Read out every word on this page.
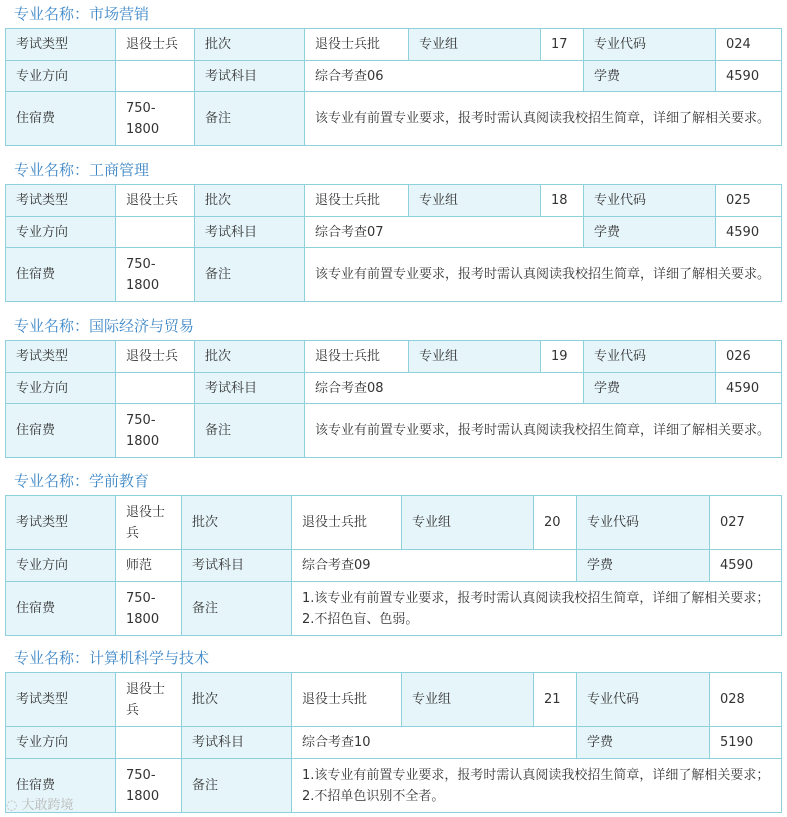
专业名称：市场营销
考试类型	退役士兵	批次	退役士兵批	专业组	17	专业代码	024
专业方向		考试科目	综合考查06			学费	4590
住宿费	750-1800	备注	该专业有前置专业要求，报考时需认真阅读我校招生简章，详细了解相关要求。				
专业名称：工商管理
考试类型	退役士兵	批次	退役士兵批	专业组	18	专业代码	025
专业方向		考试科目	综合考查07			学费	4590
住宿费	750-1800	备注	该专业有前置专业要求，报考时需认真阅读我校招生简章，详细了解相关要求。				
专业名称：国际经济与贸易
考试类型	退役士兵	批次	退役士兵批	专业组	19	专业代码	026
专业方向		考试科目	综合考查08			学费	4590
住宿费	750-1800	备注	该专业有前置专业要求，报考时需认真阅读我校招生简章，详细了解相关要求。				
专业名称：学前教育
考试类型	退役士兵	批次	退役士兵批	专业组	20	专业代码	027
专业方向	师范	考试科目	综合考查09			学费	4590
住宿费	750-1800	备注	1.该专业有前置专业要求，报考时需认真阅读我校招生简章，详细了解相关要求； 2.不招色盲、色弱。				
专业名称：计算机科学与技术
考试类型	退役士兵	批次	退役士兵批	专业组	21	专业代码	028
专业方向		考试科目	综合考查10			学费	5190
住宿费	750-1800	备注	1.该专业有前置专业要求，报考时需认真阅读我校招生简章，详细了解相关要求； 2.不招单色识别不全者。				
◌ 大敢跨境
